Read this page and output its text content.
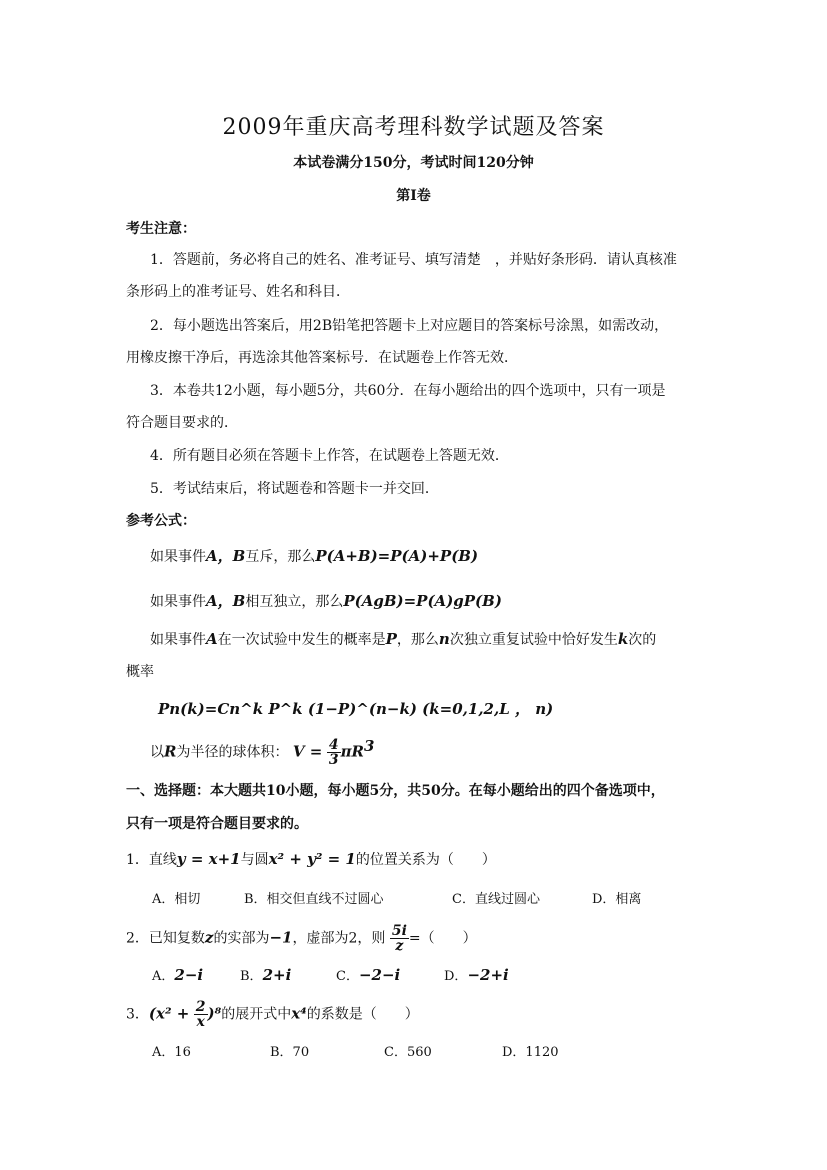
2009年重庆高考理科数学试题及答案
本试卷满分150分，考试时间120分钟
第Ⅰ卷
考生注意：
1．答题前，务必将自己的姓名、准考证号、填写清楚　，并贴好条形码．请认真核准
条形码上的准考证号、姓名和科目．
2．每小题选出答案后，用2B铅笔把答题卡上对应题目的答案标号涂黑，如需改动，
用橡皮擦干净后，再选涂其他答案标号．在试题卷上作答无效．
3．本卷共12小题，每小题5分，共60分．在每小题给出的四个选项中，只有一项是
符合题目要求的．
4．所有题目必须在答题卡上作答，在试题卷上答题无效．
5．考试结束后，将试题卷和答题卡一并交回．
参考公式：
如果事件A，B互斥，那么P(A+B)=P(A)+P(B)
如果事件A，B相互独立，那么P(AgB)=P(A)gP(B)
如果事件A在一次试验中发生的概率是P，那么n次独立重复试验中恰好发生k次的
概率
Pn(k)=Cn^k P^k (1−P)^(n−k) (k=0,1,2,L ， n)
以R为半径的球体积： $V = \frac{4}{3} \pi R^3$
一、选择题：本大题共10小题，每小题5分，共50分。在每小题给出的四个备选项中，
只有一项是符合题目要求的。
1．直线y = x+1与圆x² + y² = 1的位置关系为（　　）
A．相切	B．相交但直线不过圆心	C．直线过圆心	D．相离
2．已知复数z的实部为−1，虚部为2，则 $\frac{5i}{z}$ =（　　）
A．2−i	B．2+i	C．−2−i	D．−2+i
3．$(x^2 + \frac{2}{x} )^8$的展开式中x⁴的系数是（　　）
A．16	B．70	C．560	D．1120
